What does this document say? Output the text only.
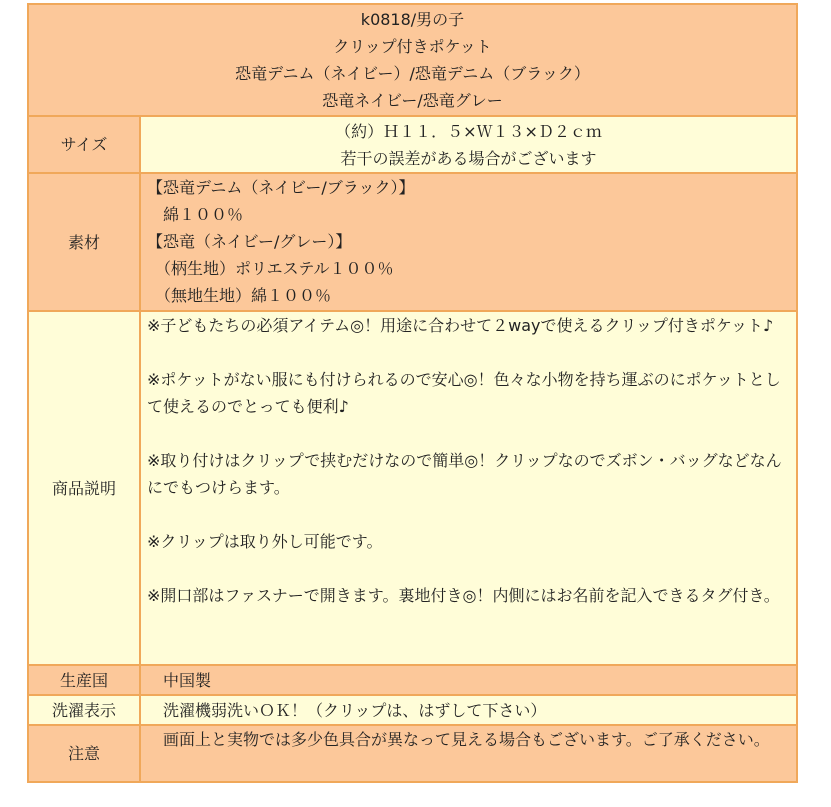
k0818/男の子
クリップ付きポケット
恐竜デニム（ネイビー）/恐竜デニム（ブラック）
恐竜ネイビー/恐竜グレー	

サイズ	（約）Ｈ１１．５×Ｗ１３×Ｄ２ｃｍ
若干の誤差がある場合がございます

素材	【恐竜デニム（ネイビー/ブラック）】
　綿１００％
【恐竜（ネイビー/グレー）】
　（柄生地）ポリエステル１００％
　（無地生地）綿１００％

商品説明	※子どもたちの必須アイテム◎！用途に合わせて２wayで使えるクリップ付きポケット♪
※ポケットがない服にも付けられるので安心◎！色々な小物を持ち運ぶのにポケットとして使えるのでとっても便利♪
※取り付けはクリップで挟むだけなので簡単◎！クリップなのでズボン・バッグなどなんにでもつけらます。
※クリップは取り外し可能です。
※開口部はファスナーで開きます。裏地付き◎！内側にはお名前を記入できるタグ付き。

生産国	　中国製

洗濯表示	　洗濯機弱洗いＯＫ！（クリップは、はずして下さい）

注意	　画面上と実物では多少色具合が異なって見える場合もございます。ご了承ください。
